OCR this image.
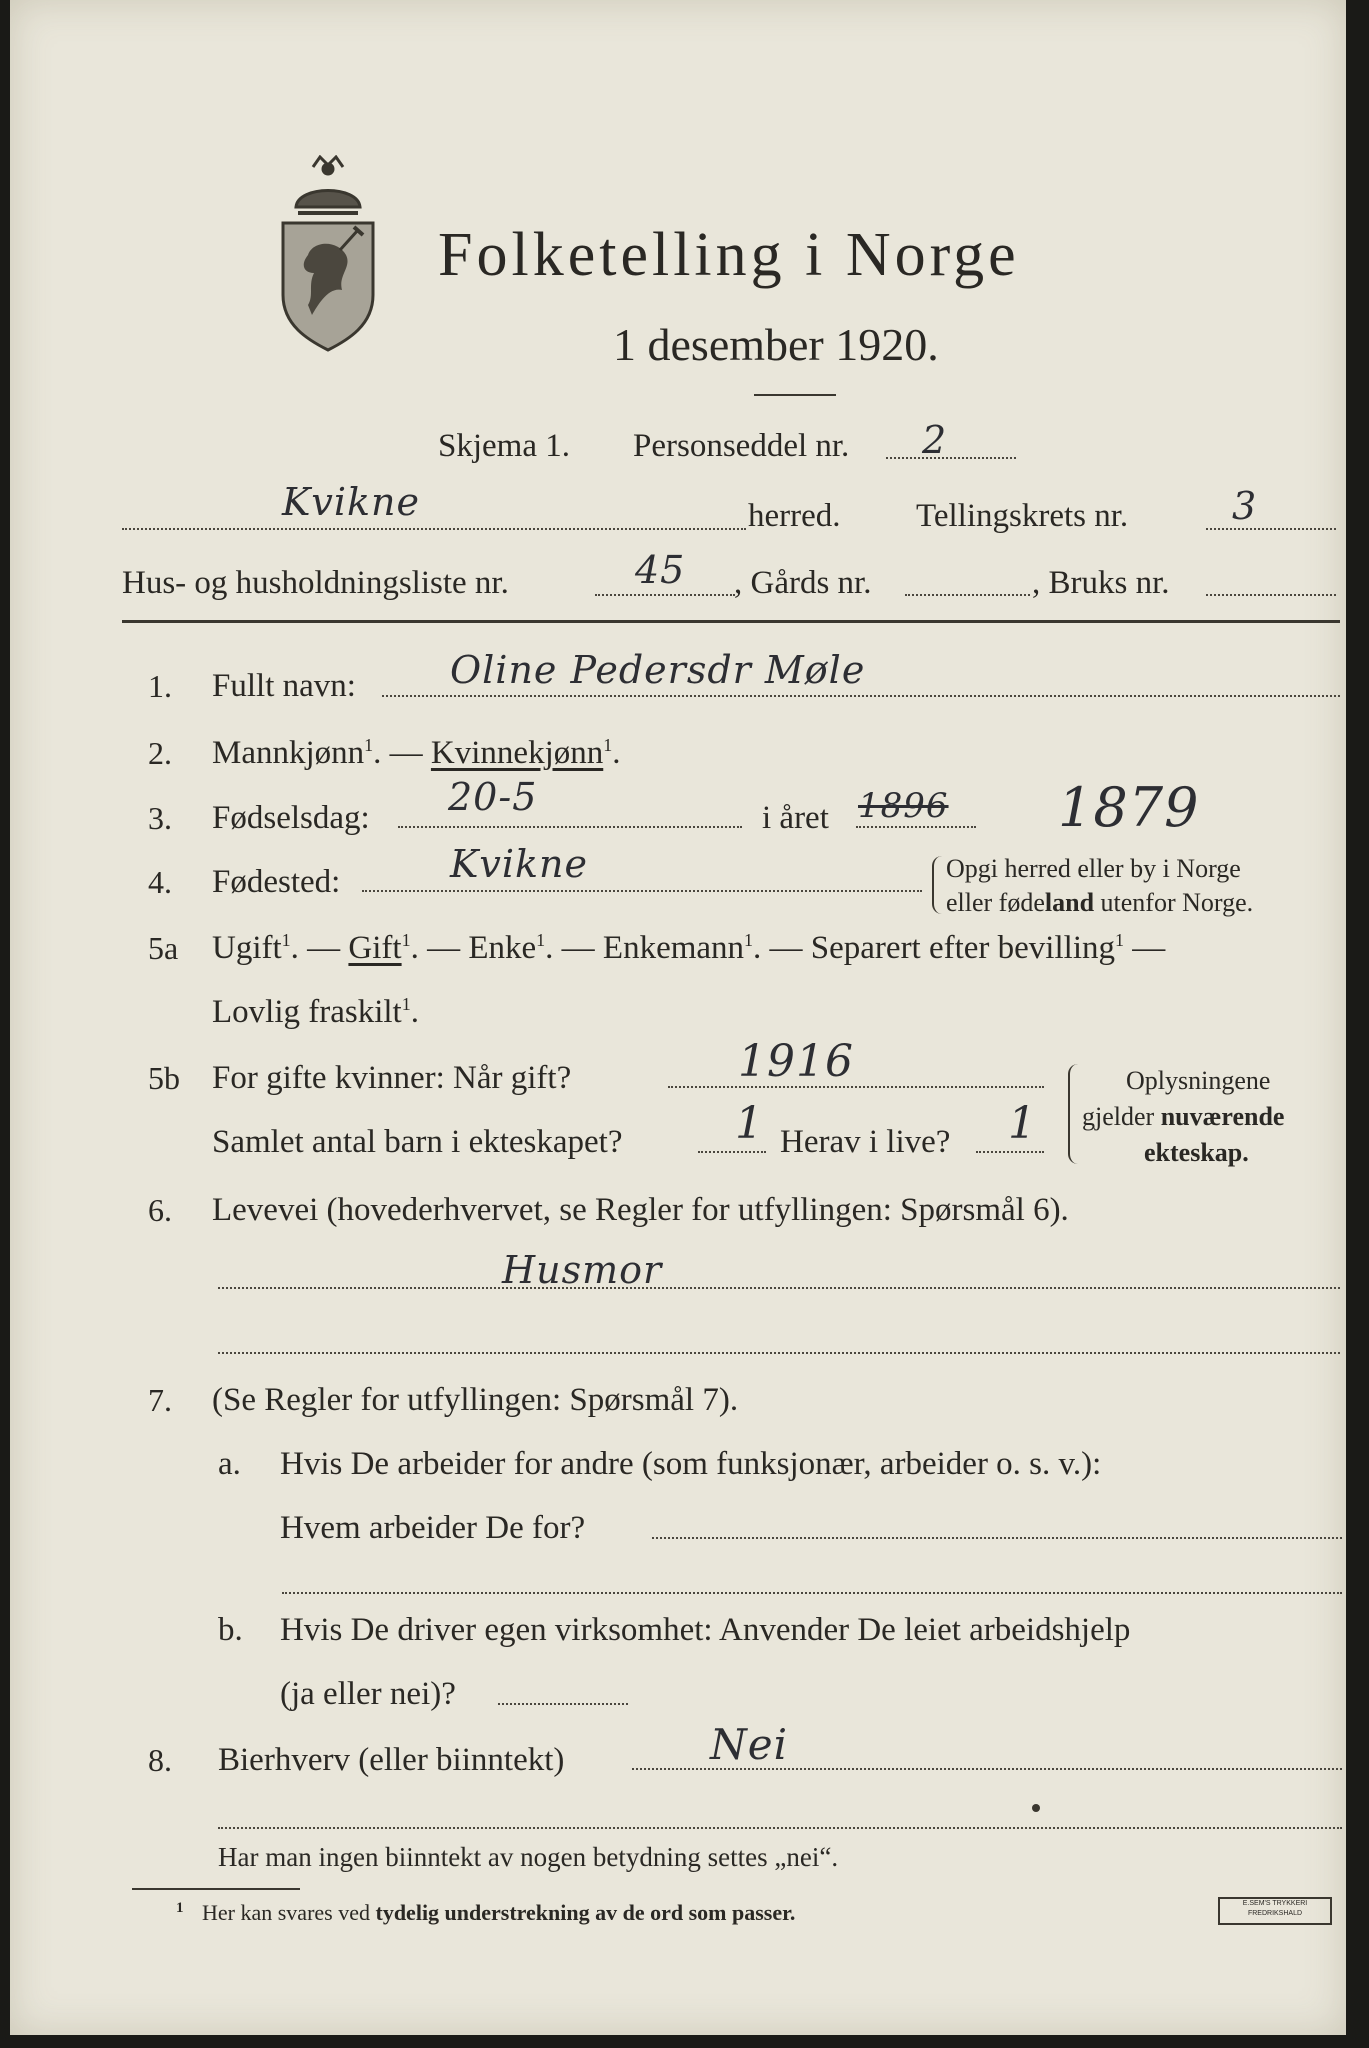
Folketelling i Norge
1 desember 1920.
Skjema 1. Personseddel nr. 2
Kvikne	herred. Tellingskrets nr.	3
Hus- og husholdningsliste nr.	45 , Gårds nr.	, Bruks nr.
1. Fullt navn: Oline Pedersdr Møle
2. Mannkjønn$^1$. — Kvinnekjønn$^1$.
3. Fødselsdag: 20-5	i året 1896 1879
4. Fødested:	Kvikne	Opgi herred eller by i Norge
eller fødeland utenfor Norge.
5a Ugift$^1$. — Gift$^1$. — Enke$^1$. — Enkemann$^1$. — Separert efter bevilling$^1$ —
Lovlig fraskilt$^1$.
5b For gifte kvinner: Når gift?	1916
Samlet antal barn i ekteskapet?	1 Herav i live? 1
Oplysningene
gjelder nuværende
ekteskap.
6. Levevei (hovederhvervet, se Regler for utfyllingen: Spørsmål 6).
Husmor
7. (Se Regler for utfyllingen: Spørsmål 7).
a. Hvis De arbeider for andre (som funksjonær, arbeider o. s. v.):
Hvem arbeider De for?
b. Hvis De driver egen virksomhet: Anvender De leiet arbeidshjelp
(ja eller nei)?
8. Bierhverv (eller biinntekt)	Nei
Har man ingen biinntekt av nogen betydning settes „nei“.
1 Her kan svares ved tydelig understrekning av de ord som passer.	E.SEM'S TRYKKERI
FREDRIKSHALD
